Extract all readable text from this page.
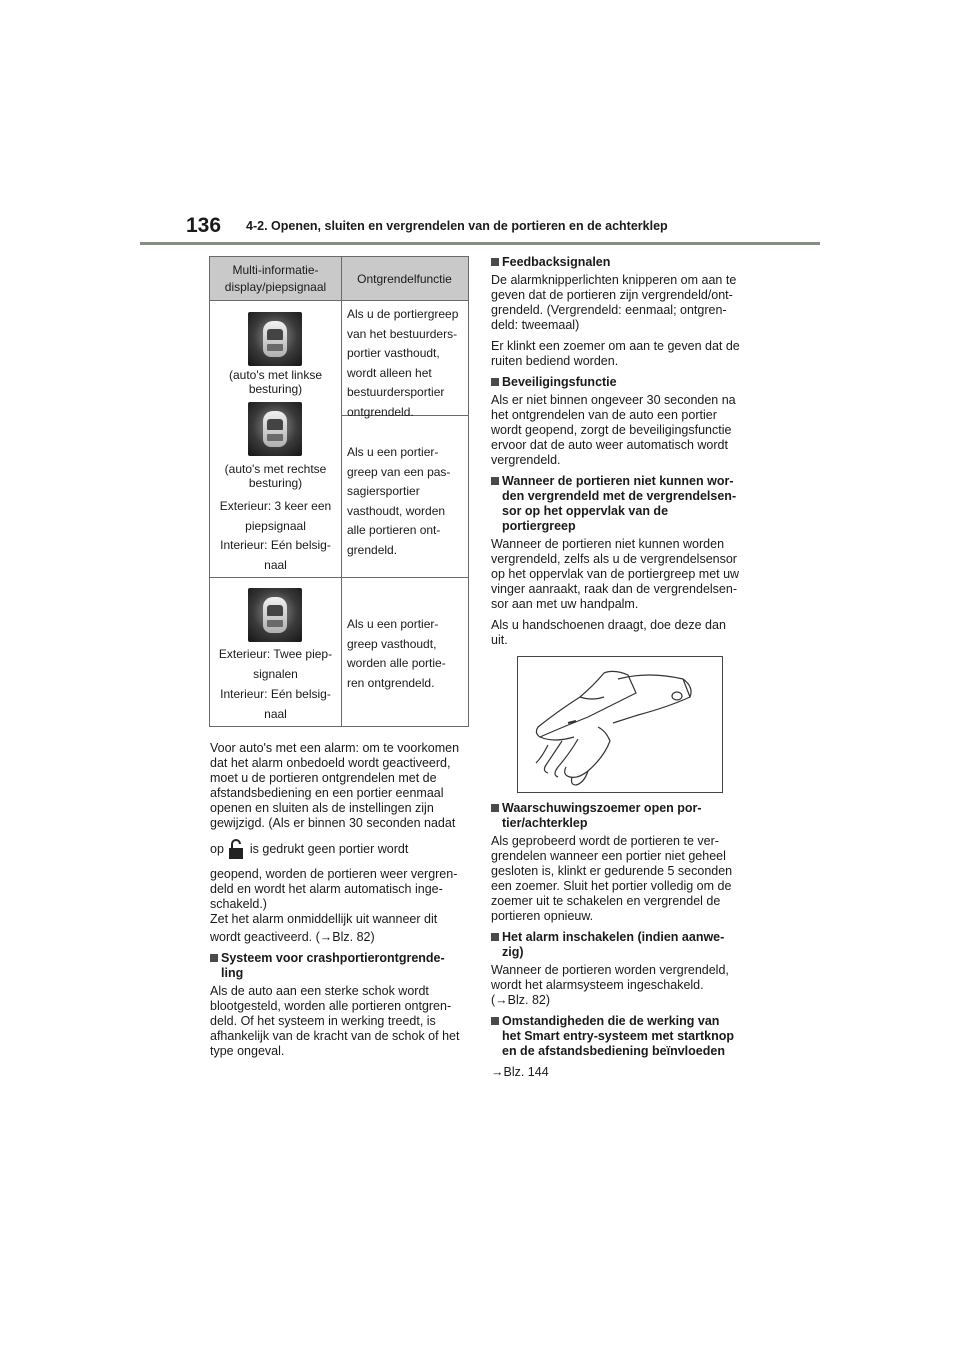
136 4-2. Openen, sluiten en vergrendelen van de portieren en de achterklep
Multi-informatie-
display/piepsignaal
Ontgrendelfunctie
(auto's met linkse
besturing)
(auto's met rechtse
besturing)
Exterieur: 3 keer een
piepsignaal
Interieur: Eén belsig-
naal
Als u de portiergreep
van het bestuurders-
portier vasthoudt,
wordt alleen het
bestuurdersportier
ontgrendeld.
Als u een portier-
greep van een pas-
sagiersportier
vasthoudt, worden
alle portieren ont-
grendeld.
Exterieur: Twee piep-
signalen
Interieur: Eén belsig-
naal
Als u een portier-
greep vasthoudt,
worden alle portie-
ren ontgrendeld.
Voor auto's met een alarm: om te voorkomen
dat het alarm onbedoeld wordt geactiveerd,
moet u de portieren ontgrendelen met de
afstandsbediening en een portier eenmaal
openen en sluiten als de instellingen zijn
gewijzigd. (Als er binnen 30 seconden nadat
op is gedrukt geen portier wordt
geopend, worden de portieren weer vergren-
deld en wordt het alarm automatisch inge-
schakeld.)
Zet het alarm onmiddellijk uit wanneer dit
wordt geactiveerd. (→Blz. 82)
Systeem voor crashportierontgrende-
ling
Als de auto aan een sterke schok wordt
blootgesteld, worden alle portieren ontgren-
deld. Of het systeem in werking treedt, is
afhankelijk van de kracht van de schok of het
type ongeval.
Feedbacksignalen
De alarmknipperlichten knipperen om aan te
geven dat de portieren zijn vergrendeld/ont-
grendeld. (Vergrendeld: eenmaal; ontgren-
deld: tweemaal)
Er klinkt een zoemer om aan te geven dat de
ruiten bediend worden.
Beveiligingsfunctie
Als er niet binnen ongeveer 30 seconden na
het ontgrendelen van de auto een portier
wordt geopend, zorgt de beveiligingsfunctie
ervoor dat de auto weer automatisch wordt
vergrendeld.
Wanneer de portieren niet kunnen wor-
den vergrendeld met de vergrendelsen-
sor op het oppervlak van de
portiergreep
Wanneer de portieren niet kunnen worden
vergrendeld, zelfs als u de vergrendelsensor
op het oppervlak van de portiergreep met uw
vinger aanraakt, raak dan de vergrendelsen-
sor aan met uw handpalm.
Als u handschoenen draagt, doe deze dan
uit.
Waarschuwingszoemer open por-
tier/achterklep
Als geprobeerd wordt de portieren te ver-
grendelen wanneer een portier niet geheel
gesloten is, klinkt er gedurende 5 seconden
een zoemer. Sluit het portier volledig om de
zoemer uit te schakelen en vergrendel de
portieren opnieuw.
Het alarm inschakelen (indien aanwe-
zig)
Wanneer de portieren worden vergrendeld,
wordt het alarmsysteem ingeschakeld.
(→Blz. 82)
Omstandigheden die de werking van
het Smart entry-systeem met startknop
en de afstandsbediening beïnvloeden
→Blz. 144
